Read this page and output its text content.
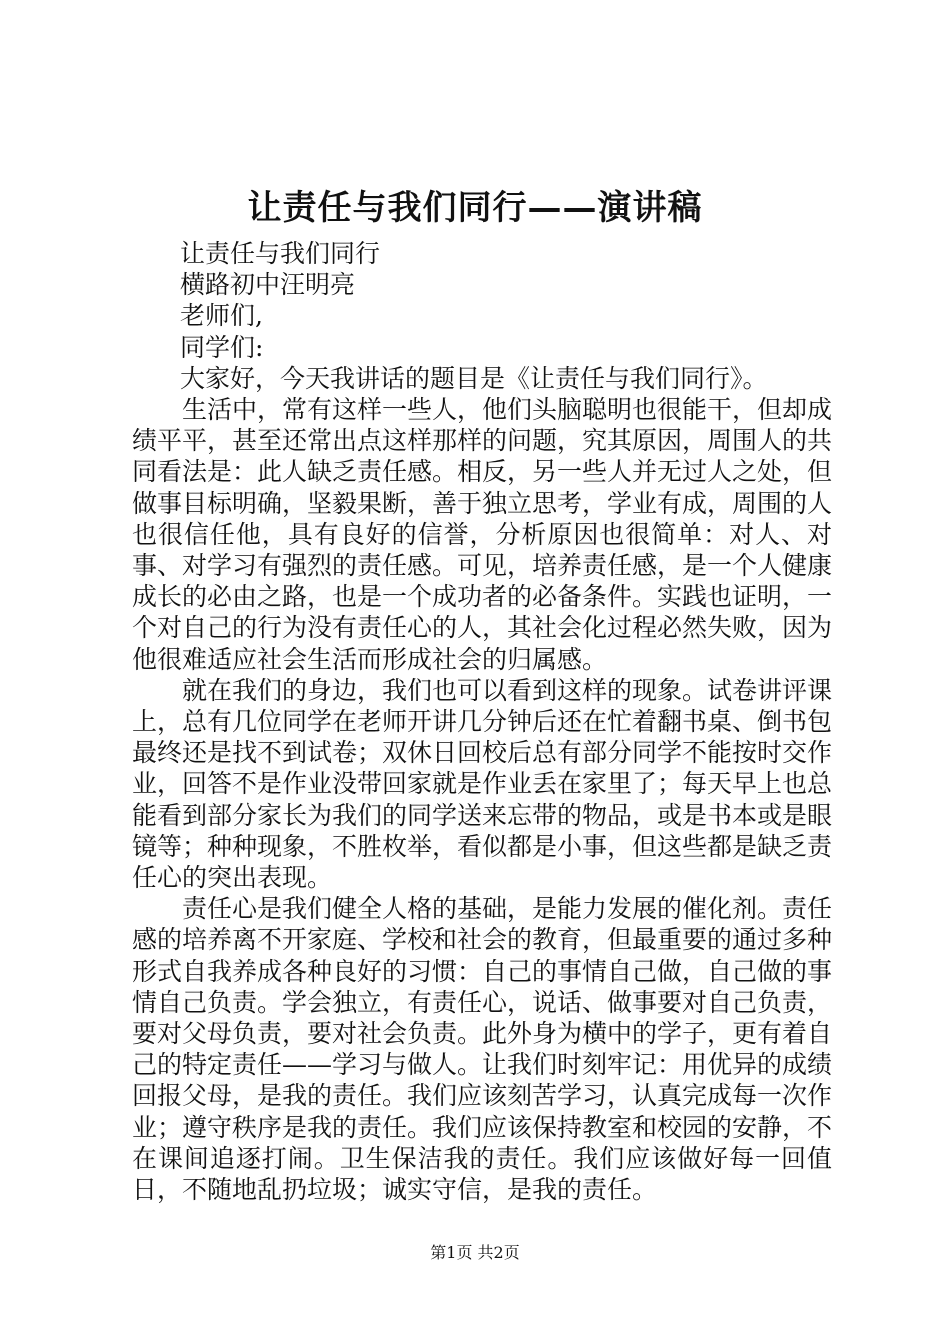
让责任与我们同行——演讲稿

让责任与我们同行

横路初中汪明亮

老师们,

同学们:

大家好，今天我讲话的题目是《让责任与我们同行》。

生活中，常有这样一些人，他们头脑聪明也很能干，但却成绩平平，甚至还常出点这样那样的问题，究其原因，周围人的共同看法是：此人缺乏责任感。相反，另一些人并无过人之处，但做事目标明确，坚毅果断，善于独立思考，学业有成，周围的人也很信任他，具有良好的信誉，分析原因也很简单：对人、对事、对学习有强烈的责任感。可见，培养责任感，是一个人健康成长的必由之路，也是一个成功者的必备条件。实践也证明，一个对自己的行为没有责任心的人，其社会化过程必然失败，因为他很难适应社会生活而形成社会的归属感。

就在我们的身边，我们也可以看到这样的现象。试卷讲评课上，总有几位同学在老师开讲几分钟后还在忙着翻书桌、倒书包最终还是找不到试卷；双休日回校后总有部分同学不能按时交作业，回答不是作业没带回家就是作业丢在家里了；每天早上也总能看到部分家长为我们的同学送来忘带的物品，或是书本或是眼镜等；种种现象，不胜枚举，看似都是小事，但这些都是缺乏责任心的突出表现。

责任心是我们健全人格的基础，是能力发展的催化剂。责任感的培养离不开家庭、学校和社会的教育，但最重要的通过多种形式自我养成各种良好的习惯：自己的事情自己做，自己做的事情自己负责。学会独立，有责任心，说话、做事要对自己负责，要对父母负责，要对社会负责。此外身为横中的学子，更有着自己的特定责任——学习与做人。让我们时刻牢记：用优异的成绩回报父母，是我的责任。我们应该刻苦学习，认真完成每一次作业；遵守秩序是我的责任。我们应该保持教室和校园的安静，不在课间追逐打闹。卫生保洁我的责任。我们应该做好每一回值日，不随地乱扔垃圾；诚实守信，是我的责任。

第1页 共2页
